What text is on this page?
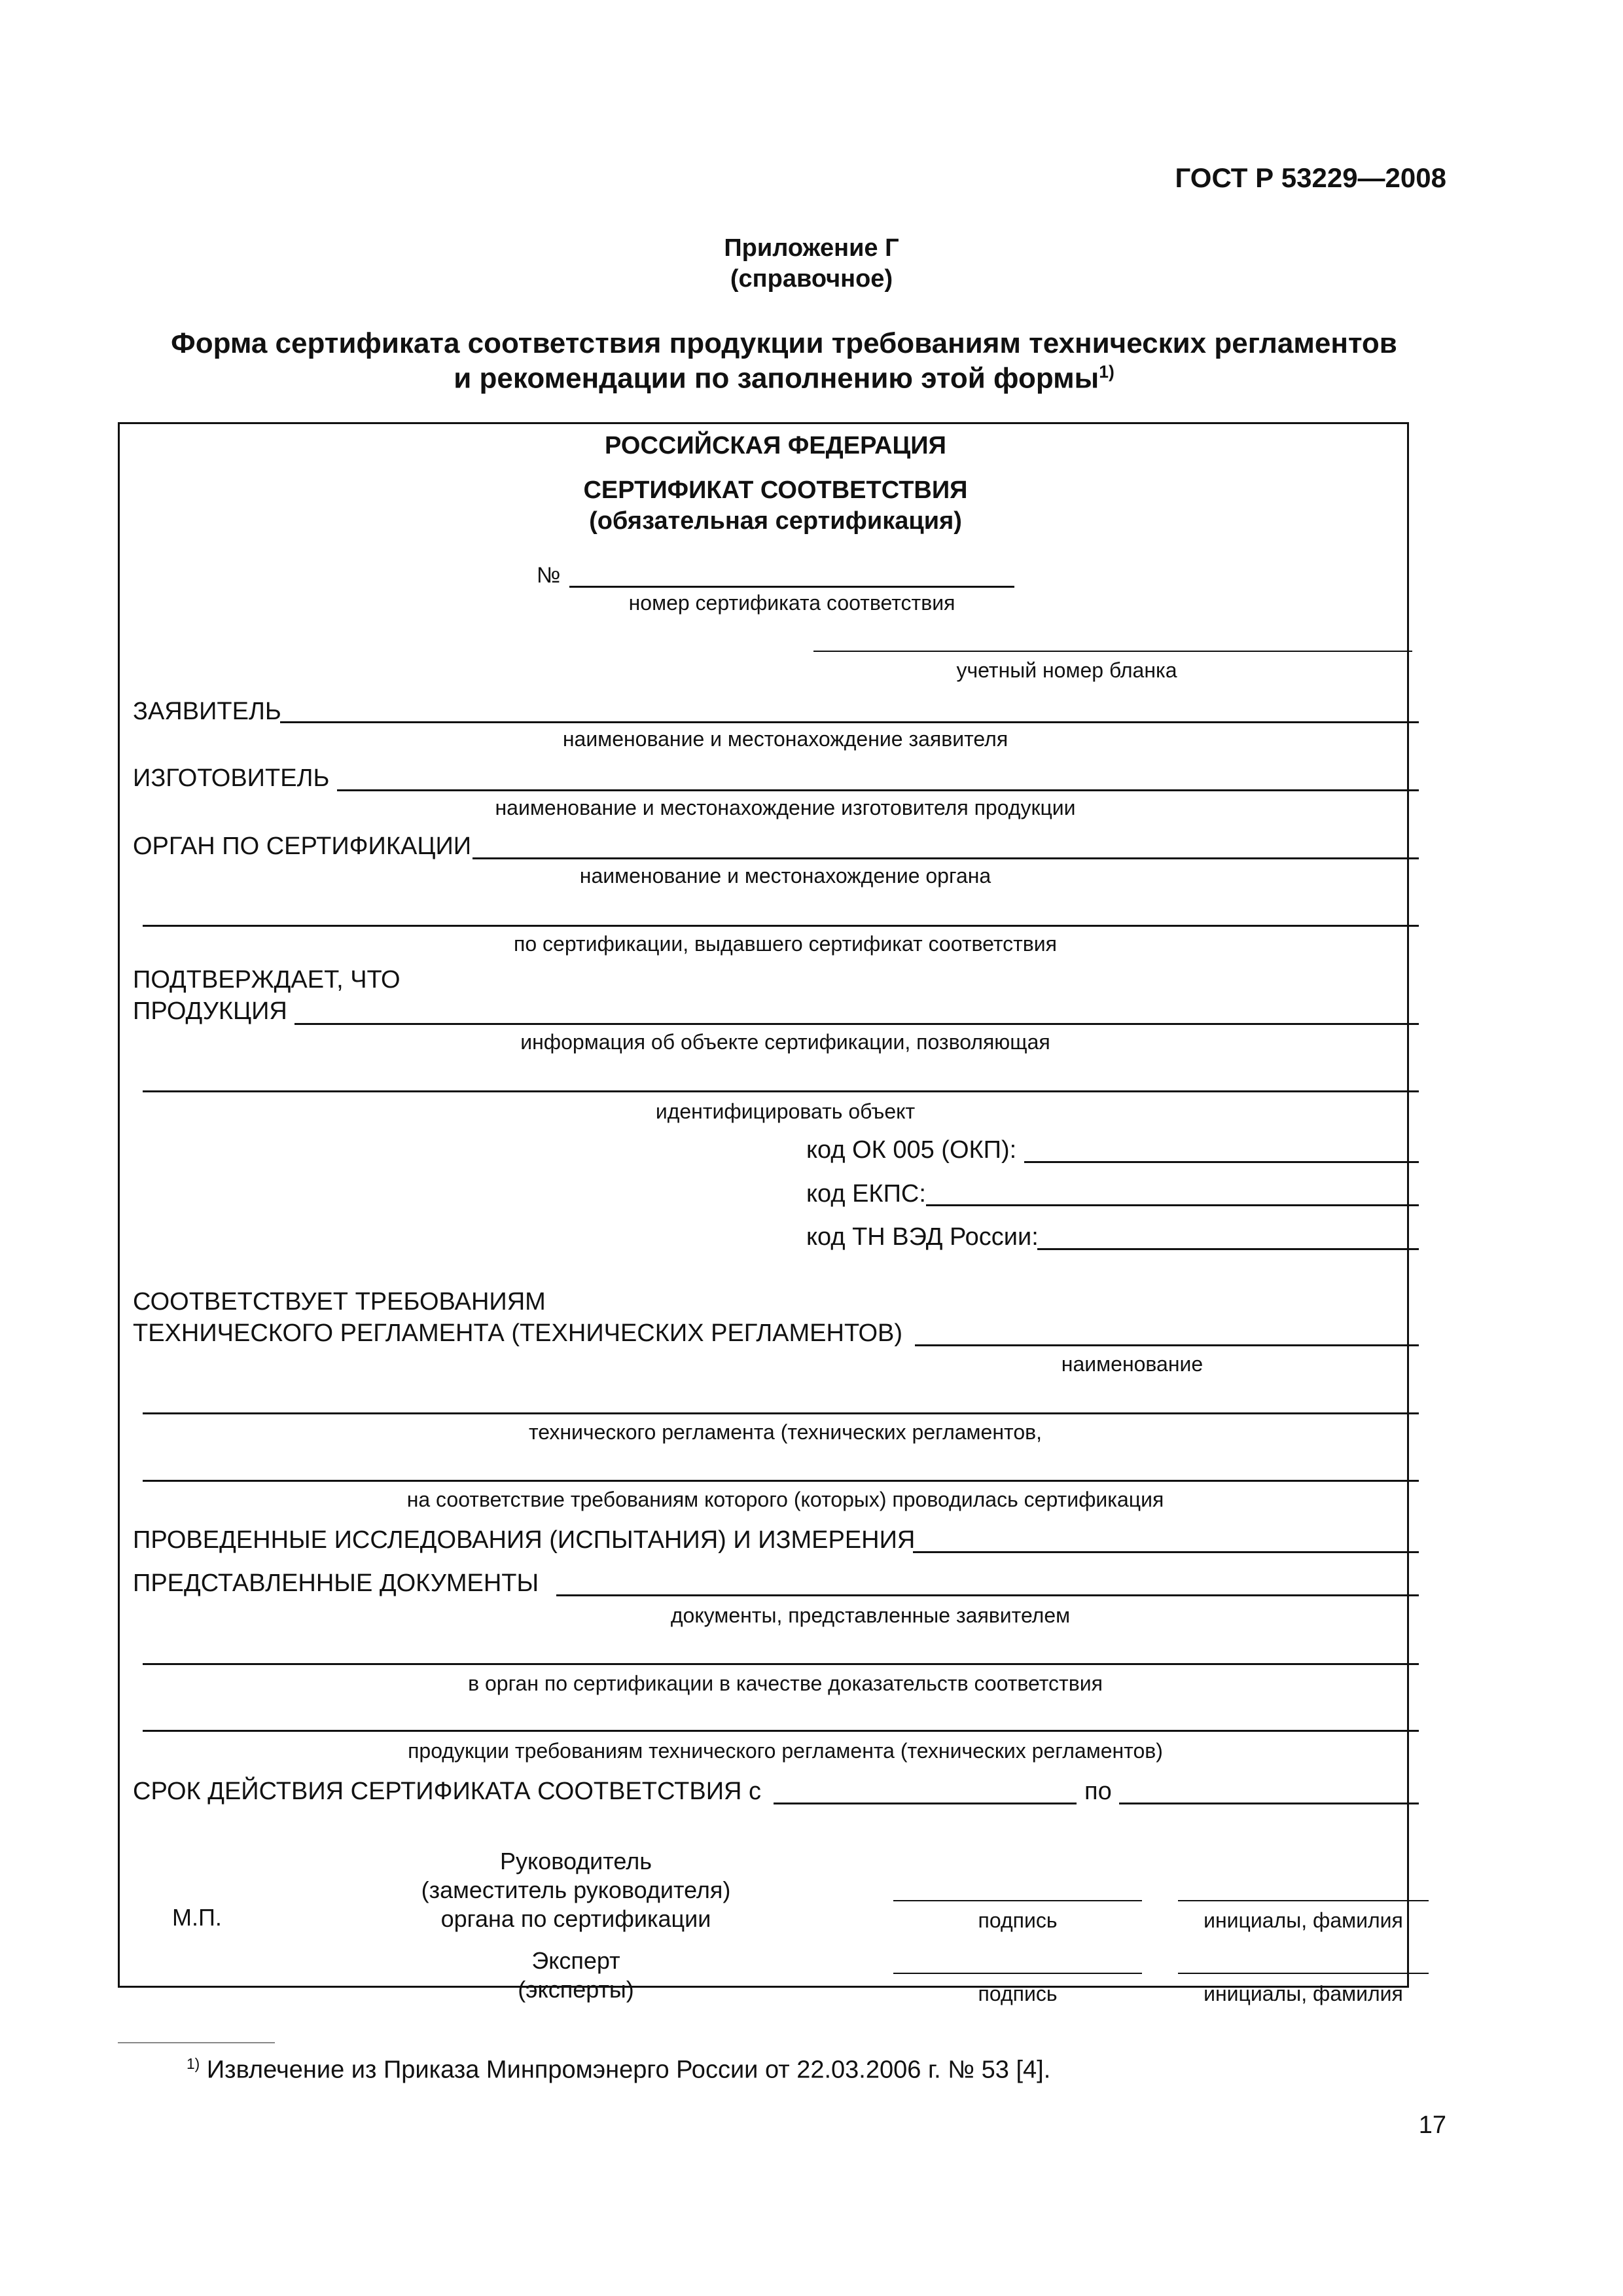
ГОСТ Р 53229—2008
Приложение Г
(справочное)
Форма сертификата соответствия продукции требованиям технических регламентов
и рекомендации по заполнению этой формы$^{1)}$
РОССИЙСКАЯ ФЕДЕРАЦИЯ
СЕРТИФИКАТ СООТВЕТСТВИЯ
(обязательная сертификация)
№
номер сертификата соответствия
учетный номер бланка
ЗАЯВИТЕЛЬ
наименование и местонахождение заявителя
ИЗГОТОВИТЕЛЬ
наименование и местонахождение изготовителя продукции
ОРГАН ПО СЕРТИФИКАЦИИ
наименование и местонахождение органа
по сертификации, выдавшего сертификат соответствия
ПОДТВЕРЖДАЕТ, ЧТО
ПРОДУКЦИЯ
информация об объекте сертификации, позволяющая
идентифицировать объект
код ОК 005 (ОКП):
код ЕКПС:
код ТН ВЭД России:
СООТВЕТСТВУЕТ ТРЕБОВАНИЯМ
ТЕХНИЧЕСКОГО РЕГЛАМЕНТА (ТЕХНИЧЕСКИХ РЕГЛАМЕНТОВ)
наименование
технического регламента (технических регламентов,
на соответствие требованиям которого (которых) проводилась сертификация
ПРОВЕДЕННЫЕ ИССЛЕДОВАНИЯ (ИСПЫТАНИЯ) И ИЗМЕРЕНИЯ
ПРЕДСТАВЛЕННЫЕ ДОКУМЕНТЫ
документы, представленные заявителем
в орган по сертификации в качестве доказательств соответствия
продукции требованиям технического регламента (технических регламентов)
СРОК ДЕЙСТВИЯ СЕРТИФИКАТА СООТВЕТСТВИЯ с	по
М.П.
Руководитель
(заместитель руководителя)
органа по сертификации	подпись	инициалы, фамилия
Эксперт
(эксперты)	подпись	инициалы, фамилия
$^{1)}$ Извлечение из Приказа Минпромэнерго России от 22.03.2006 г. № 53 [4].
17
